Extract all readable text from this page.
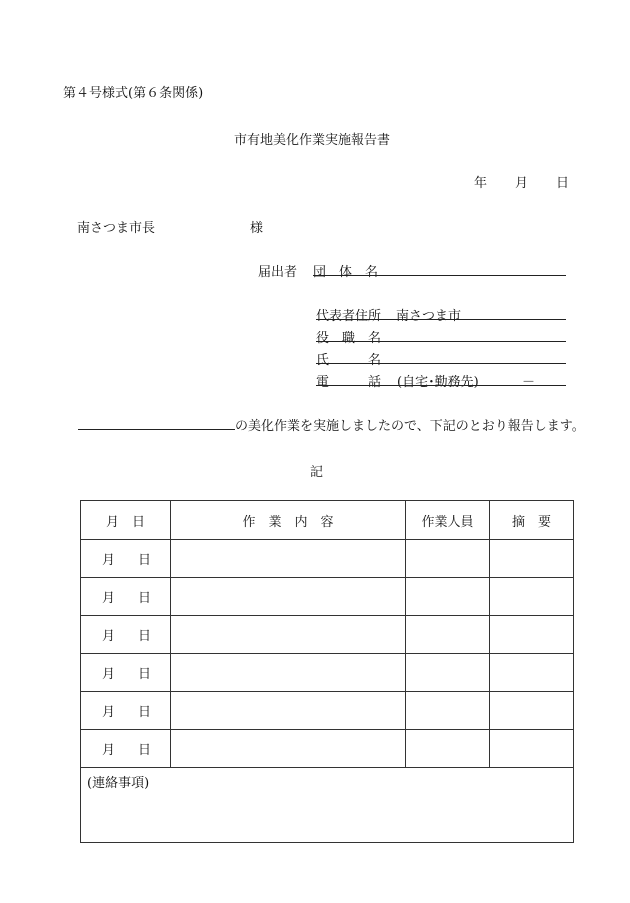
第４号様式(第６条関係)
市有地美化作業実施報告書
年 月 日
南さつま市長	様
届出者 団　体　名
代表者住所 南さつま市
役　職　名
氏　　　名
電　　　話 (自宅･勤務先)	－
の美化作業を実施しましたので、下記のとおり報告します。
記
月　日	作　業　内　容	作業人員	摘　要

月 日			

月 日			

月 日			

月 日			

月 日			

月 日			

(連絡事項)			
